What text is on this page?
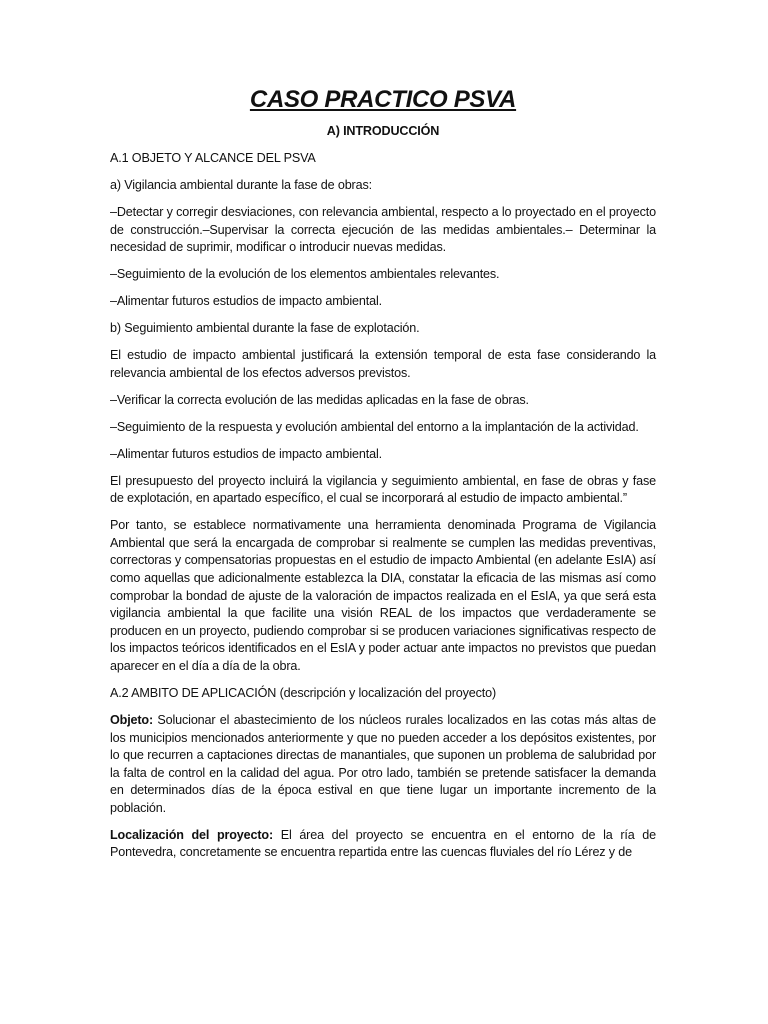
CASO PRACTICO PSVA

A) INTRODUCCIÓN

A.1 OBJETO Y ALCANCE DEL PSVA

a) Vigilancia ambiental durante la fase de obras:

–Detectar y corregir desviaciones, con relevancia ambiental, respecto a lo proyectado en el proyecto de construcción.–Supervisar la correcta ejecución de las medidas ambientales.– Determinar la necesidad de suprimir, modificar o introducir nuevas medidas.

–Seguimiento de la evolución de los elementos ambientales relevantes.

–Alimentar futuros estudios de impacto ambiental.

b) Seguimiento ambiental durante la fase de explotación.

El estudio de impacto ambiental justificará la extensión temporal de esta fase considerando la relevancia ambiental de los efectos adversos previstos.

–Verificar la correcta evolución de las medidas aplicadas en la fase de obras.

–Seguimiento de la respuesta y evolución ambiental del entorno a la implantación de la actividad.

–Alimentar futuros estudios de impacto ambiental.

El presupuesto del proyecto incluirá la vigilancia y seguimiento ambiental, en fase de obras y fase de explotación, en apartado específico, el cual se incorporará al estudio de impacto ambiental.”

Por tanto, se establece normativamente una herramienta denominada Programa de Vigilancia Ambiental que será la encargada de comprobar si realmente se cumplen las medidas preventivas, correctoras y compensatorias propuestas en el estudio de impacto Ambiental (en adelante EsIA) así como aquellas que adicionalmente establezca la DIA, constatar la eficacia de las mismas así como comprobar la bondad de ajuste de la valoración de impactos realizada en el EsIA, ya que será esta vigilancia ambiental la que facilite una visión REAL de los impactos que verdaderamente se producen en un proyecto, pudiendo comprobar si se producen variaciones significativas respecto de los impactos teóricos identificados en el EsIA y poder actuar ante impactos no previstos que puedan aparecer en el día a día de la obra.

A.2 AMBITO DE APLICACIÓN (descripción y localización del proyecto)

Objeto: Solucionar el abastecimiento de los núcleos rurales localizados en las cotas más altas de los municipios mencionados anteriormente y que no pueden acceder a los depósitos existentes, por lo que recurren a captaciones directas de manantiales, que suponen un problema de salubridad por la falta de control en la calidad del agua. Por otro lado, también se pretende satisfacer la demanda en determinados días de la época estival en que tiene lugar un importante incremento de la población.

Localización del proyecto: El área del proyecto se encuentra en el entorno de la ría de Pontevedra, concretamente se encuentra repartida entre las cuencas fluviales del río Lérez y de
